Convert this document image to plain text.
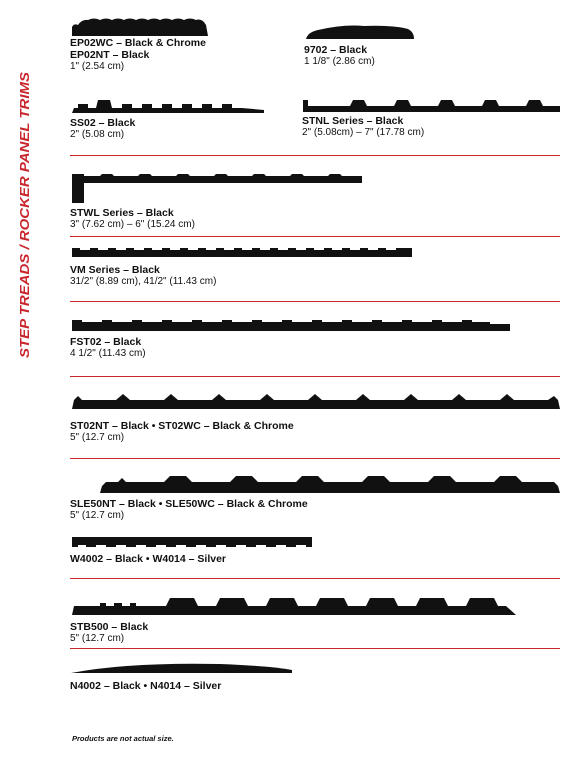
STEP TREADS / ROCKER PANEL TRIMS
EP02WC – Black & Chrome
EP02NT – Black
1" (2.54 cm)
9702 – Black
1 1/8" (2.86 cm)
SS02 – Black
2" (5.08 cm)
STNL Series – Black
2" (5.08cm) – 7" (17.78 cm)
STWL Series – Black
3" (7.62 cm) – 6" (15.24 cm)
VM Series – Black
31/2" (8.89 cm), 41/2" (11.43 cm)
FST02 – Black
4 1/2" (11.43 cm)
ST02NT – Black • ST02WC – Black & Chrome
5" (12.7 cm)
SLE50NT – Black • SLE50WC – Black & Chrome
5" (12.7 cm)
W4002 – Black • W4014 – Silver
STB500 – Black
5" (12.7 cm)
N4002 – Black • N4014 – Silver
Products are not actual size.
